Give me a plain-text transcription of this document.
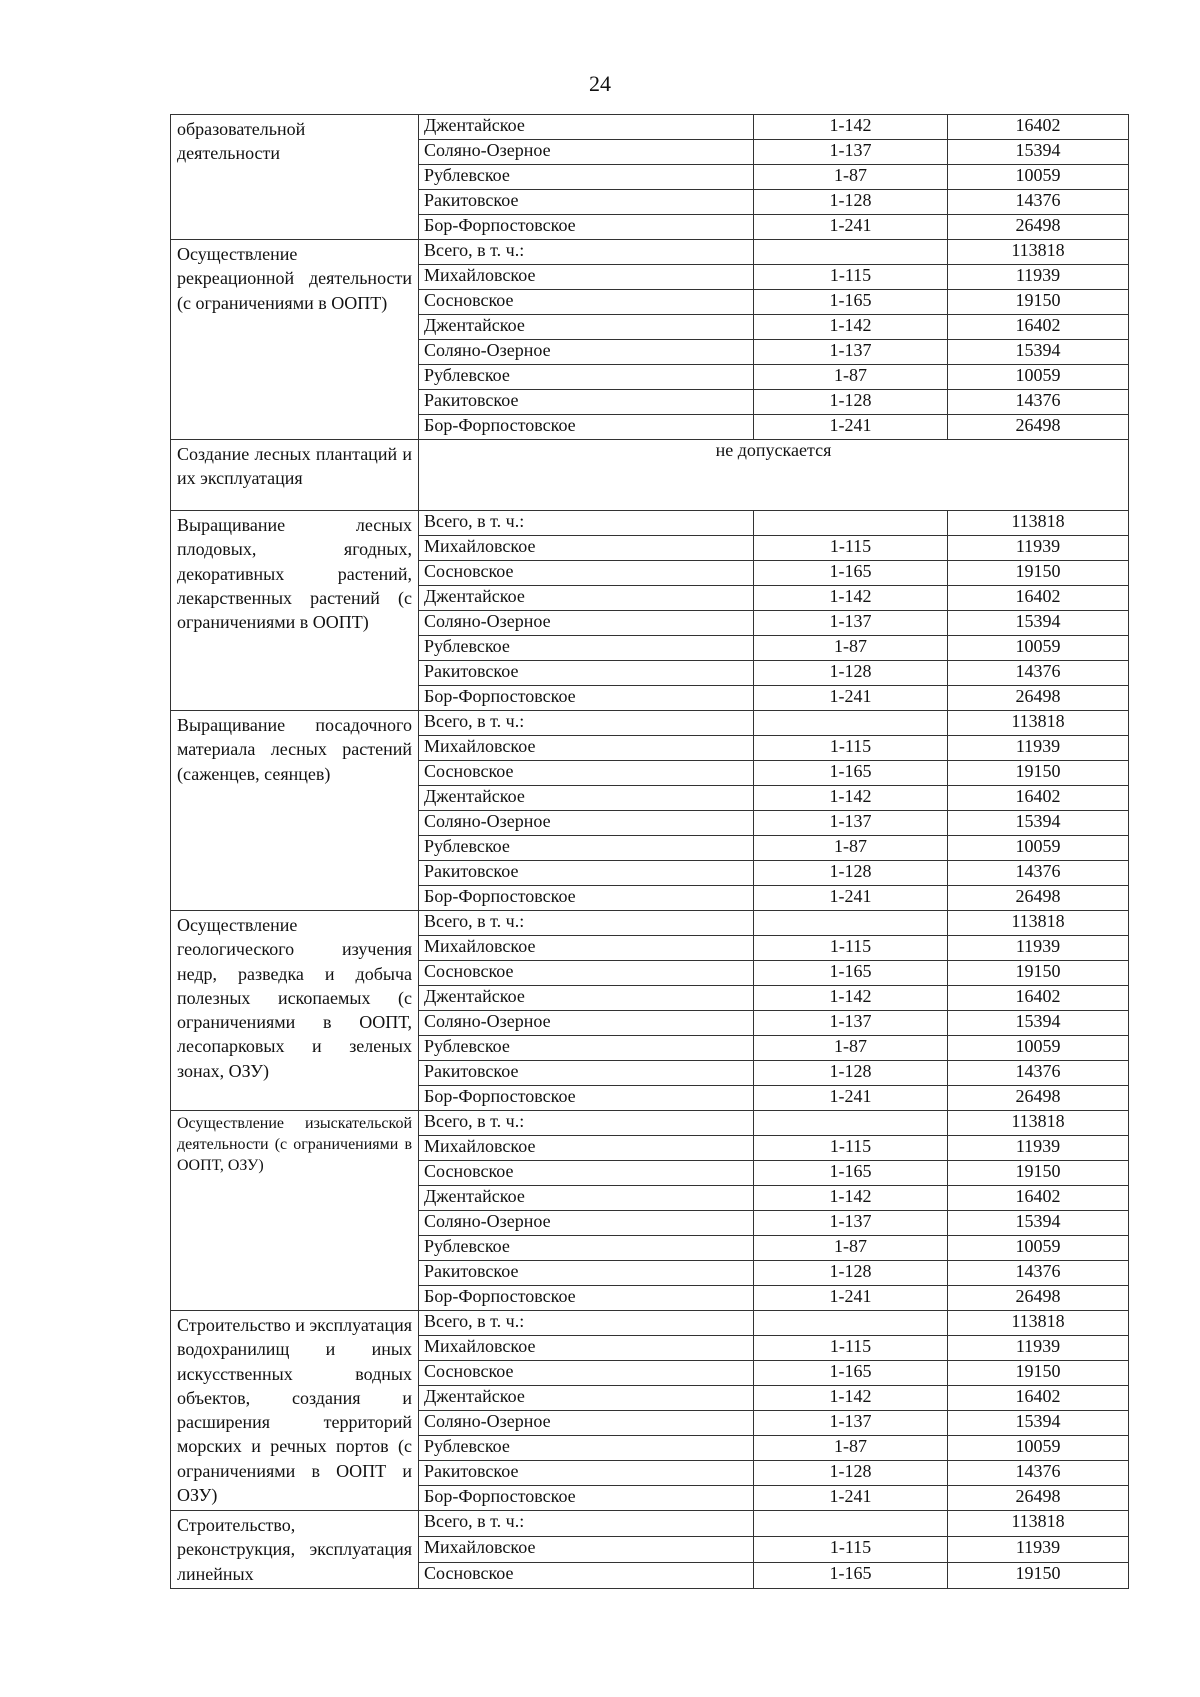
24
образовательной деятельности	Джентайское	1-142	16402
	Соляно-Озерное	1-137	15394
	Рублевское	1-87	10059
	Ракитовское	1-128	14376
	Бор-Форпостовское	1-241	26498
Осуществление рекреационной деятельности (с ограничениями в ООПТ)	Всего, в т. ч.:		113818
	Михайловское	1-115	11939
	Сосновское	1-165	19150
	Джентайское	1-142	16402
	Соляно-Озерное	1-137	15394
	Рублевское	1-87	10059
	Ракитовское	1-128	14376
	Бор-Форпостовское	1-241	26498
Создание лесных плантаций и их эксплуатация	не допускается		
Выращивание лесных плодовых, ягодных, декоративных растений, лекарственных растений (с ограничениями в ООПТ)	Всего, в т. ч.:		113818
	Михайловское	1-115	11939
	Сосновское	1-165	19150
	Джентайское	1-142	16402
	Соляно-Озерное	1-137	15394
	Рублевское	1-87	10059
	Ракитовское	1-128	14376
	Бор-Форпостовское	1-241	26498
Выращивание посадочного материала лесных растений (саженцев, сеянцев)	Всего, в т. ч.:		113818
	Михайловское	1-115	11939
	Сосновское	1-165	19150
	Джентайское	1-142	16402
	Соляно-Озерное	1-137	15394
	Рублевское	1-87	10059
	Ракитовское	1-128	14376
	Бор-Форпостовское	1-241	26498
Осуществление геологического изучения недр, разведка и добыча полезных ископаемых (с ограничениями в ООПТ, лесопарковых и зеленых зонах, ОЗУ)	Всего, в т. ч.:		113818
	Михайловское	1-115	11939
	Сосновское	1-165	19150
	Джентайское	1-142	16402
	Соляно-Озерное	1-137	15394
	Рублевское	1-87	10059
	Ракитовское	1-128	14376
	Бор-Форпостовское	1-241	26498
Осуществление изыскательской деятельности (с ограничениями в ООПТ, ОЗУ)	Всего, в т. ч.:		113818
	Михайловское	1-115	11939
	Сосновское	1-165	19150
	Джентайское	1-142	16402
	Соляно-Озерное	1-137	15394
	Рублевское	1-87	10059
	Ракитовское	1-128	14376
	Бор-Форпостовское	1-241	26498
Строительство и эксплуатация водохранилищ и иных искусственных водных объектов, создания и расширения территорий морских и речных портов (с ограничениями в ООПТ и ОЗУ)	Всего, в т. ч.:		113818
	Михайловское	1-115	11939
	Сосновское	1-165	19150
	Джентайское	1-142	16402
	Соляно-Озерное	1-137	15394
	Рублевское	1-87	10059
	Ракитовское	1-128	14376
	Бор-Форпостовское	1-241	26498
Строительство, реконструкция, эксплуатация линейных	Всего, в т. ч.:		113818
	Михайловское	1-115	11939
	Сосновское	1-165	19150
